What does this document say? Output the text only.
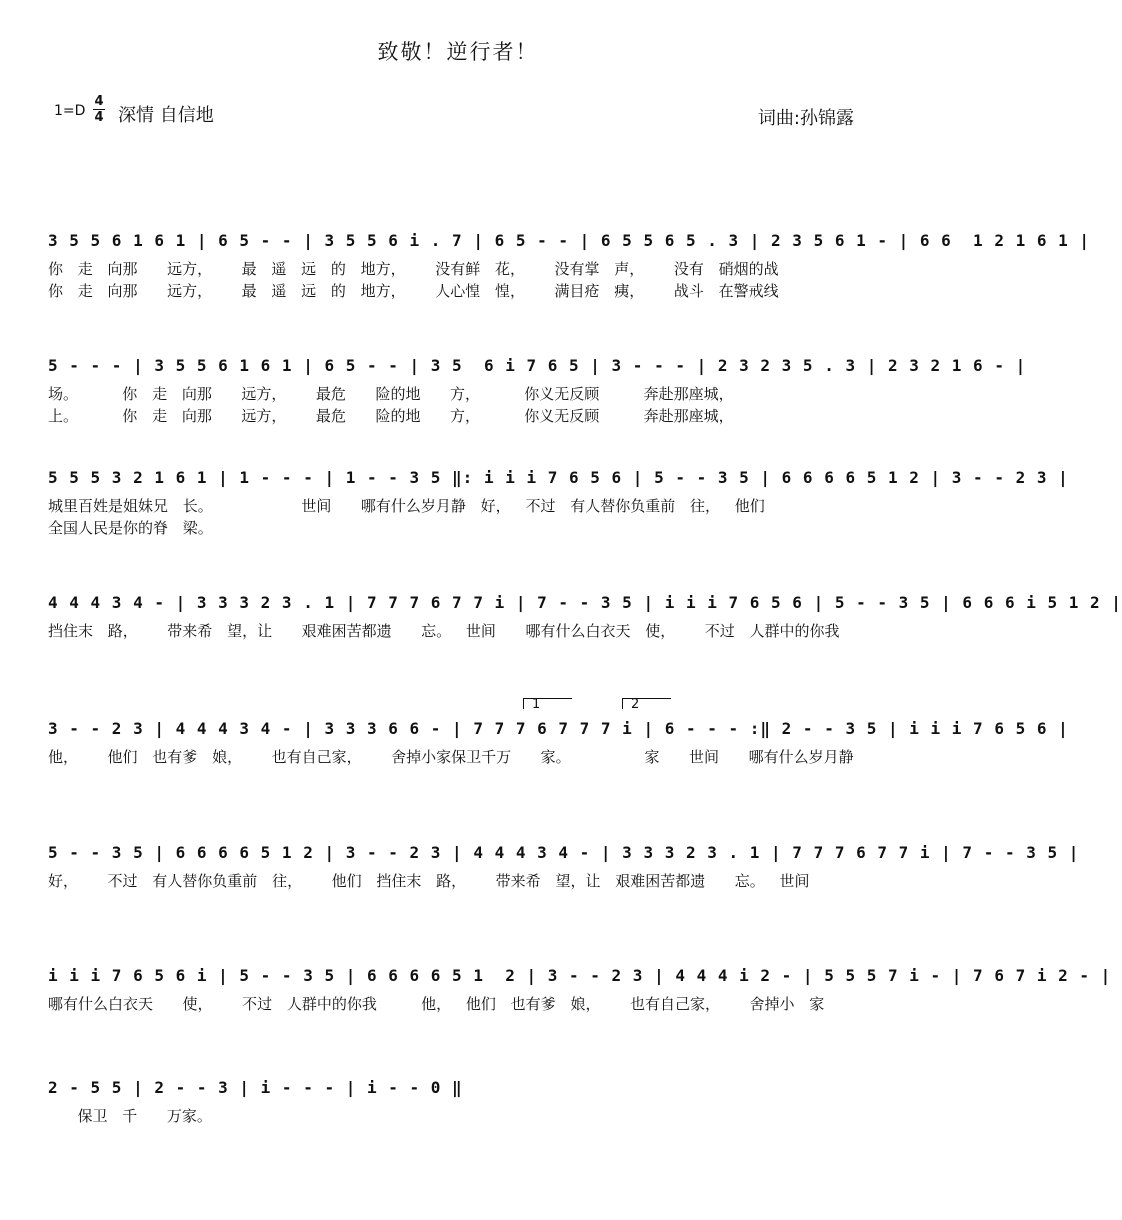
致敬！逆行者！
1=D
4
4 深情 自信地	词曲:孙锦露
3 5 5 6 1 6 1 | 6 5 - - | 3 5 5 6 i . 7 | 6 5 - - | 6 5 5 6 5 . 3 | 2 3 5 6 1 - | 6 6  1 2 1 6 1 |
你 走 向那  远方，  最 遥 远 的 地方，  没有鲜 花，  没有掌 声，  没有 硝烟的战
你 走 向那  远方，  最 遥 远 的 地方，  人心惶 惶，  满目疮 痍，  战斗 在警戒线
5 - - - | 3 5 5 6 1 6 1 | 6 5 - - | 3 5  6 i 7 6 5 | 3 - - - | 2 3 2 3 5 . 3 | 2 3 2 1 6 - |
场。   你 走 向那  远方，  最危  险的地  方，   你义无反顾   奔赴那座城，
上。   你 走 向那  远方，  最危  险的地  方，   你义无反顾   奔赴那座城，
5 5 5 3 2 1 6 1 | 1 - - - | 1 - - 3 5 ‖: i i i 7 6 5 6 | 5 - - 3 5 | 6 6 6 6 5 1 2 | 3 - - 2 3 |
城里百姓是姐妹兄 长。      世间  哪有什么岁月静 好， 不过 有人替你负重前 往， 他们
全国人民是你的脊 梁。
4 4 4 3 4 - | 3 3 3 2 3 . 1 | 7 7 7 6 7 7 i | 7 - - 3 5 | i i i 7 6 5 6 | 5 - - 3 5 | 6 6 6 i 5 1 2 |
挡住末 路，  带来希 望，让  艰难困苦都遗  忘。 世间  哪有什么白衣天 使，  不过 人群中的你我
1	2
3 - - 2 3 | 4 4 4 3 4 - | 3 3 3 6 6 - | 7 7 7 6 7 7 7 i | 6 - - - :‖ 2 - - 3 5 | i i i 7 6 5 6 |
他，  他们 也有爹 娘，  也有自己家，  舍掉小家保卫千万  家。     家  世间  哪有什么岁月静
5 - - 3 5 | 6 6 6 6 5 1 2 | 3 - - 2 3 | 4 4 4 3 4 - | 3 3 3 2 3 . 1 | 7 7 7 6 7 7 i | 7 - - 3 5 |
好，  不过 有人替你负重前 往，  他们 挡住末 路，  带来希 望，让 艰难困苦都遗  忘。 世间
i i i 7 6 5 6 i | 5 - - 3 5 | 6 6 6 6 5 1  2 | 3 - - 2 3 | 4 4 4 i 2 - | 5 5 5 7 i - | 7 6 7 i 2 - |
哪有什么白衣天  使，  不过 人群中的你我   他， 他们 也有爹 娘，  也有自己家，  舍掉小 家
2 - 5 5 | 2 - - 3 | i - - - | i - - 0 ‖
保卫 千  万家。
